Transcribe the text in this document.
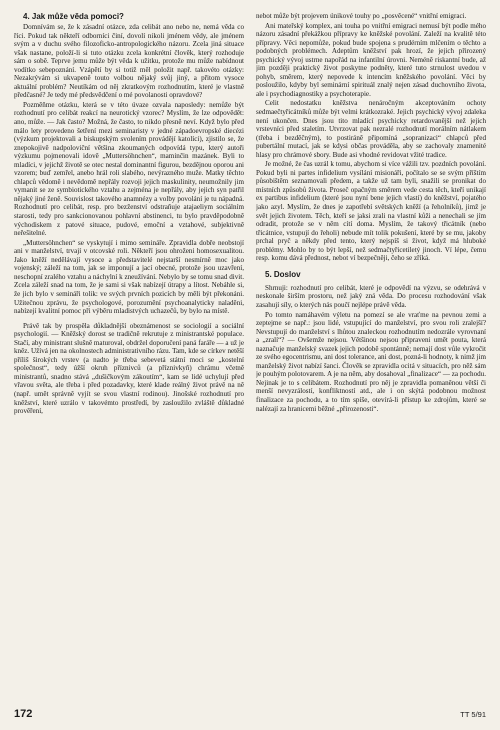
4. Jak může věda pomoci?

Domnívám se, že k zásadní otázce, zda celibát ano nebo ne, nemá věda co říci. Pokud tak někteří odborníci činí, dovolí nikoli jménem vědy, ale jménem svým a v duchu svého filozoficko-antropologického názoru. Zcela jiná situace však nastane, položí-li si tuto otázku zcela konkrétní člověk, který rozhoduje sám o sobě. Teprve jemu může být věda k užitku, protože mu může nabídnout vodítko sebepoznání. Vzápětí by si totiž měl položit např. takovéto otázky: Nezakrývám si ukvapeně touto volbou nějaký svůj jiný, a přitom vysoce aktuální problém? Neutíkám od něj zkratkovým rozhodnutím, které je vlastně předčasné? Je tedy mé předsvědčení o mé povolanosti opravdové?

Pozměňme otázku, která se v této úvaze ozvala naposledy: nemůže být rozhodnutí pro celibát reakcí na neurotický vzorec? Myslím, že lze odpovědět: ano, může. — Jak často? Možná, že často, to nikdo přesně neví. Když bylo před málo lety provedeno šetření mezi seminaristy v jedné západoevropské diecézi (výzkum projektovali a biskupským svolením provádějí katolíci), zjistilo se, že znepokojivě nadpoloviční většina zkoumaných odpovídá typu, který autoři výzkumu pojmenovali idově „Muttersöhnchen“, maminčin mazánek. Byli to mladíci, v jejichž životě se otec nestal dominantní figurou, bezdějnou oporou ani vzorem; buď zemřel, anebo hrál roli slabého, nevýrazného muže. Matky těchto chlapců vědomě i nevědomě nepřály rozvoji jejich maskulinity, neumožnily jim vymanit se ze symbiotického vztahu a zejména je nepřály, aby jejich syn patřil nějaký jiné ženě. Souvislost takového anamnézy a volby povolání je tu nápadná. Rozhodnutí pro celibát, resp. pro bezženství odstraňuje atajaeliym sociálním starosti, tedy pro sankcionovanou pohlavní abstinenci, tu bylo pravděpodobně východiskem z patové situace, pudové, emoční a vztahové, subjektivně neřešitelné.

„Muttersöhnchen“ se vyskytují i mimo semináře. Zpravidla dobře neobstojí ani v manželství, trvají v otcovské roli. Někteří jsou ohroženi homosexualitou. Jako kněží nedělávají vysoce a představitelé nejstarší nesmírně moc jako vojenský; záleží na tom, jak se imponují a jací obecné, protože jsou uzavření, neschopní zralého vztahu a náchylní k zneužívání. Nebylo by se tomu snad divit. Zcela záleží snad na tom, že je sami si však nabízejí útrapy a lítost. Nebáhle si, že jich bylo v semináři tolik: ve svých prvních pozicích by měli být překonáni. Užitečnou zprávu, že psychologové, porozumění psychoanalyticky naladěni, nabízejí kvalitní pomoc při výběru mladistvých uchazečů, by bylo na místě.

Právě tak by prospěla důkladnější obeznámenost se sociologií a sociální psychologií. — Kněžský dorost se tradičně rekrutuje z ministrantské populace. Stačí, aby ministrant slušně maturoval, obdržel doporučení paná faráře — a už je kněz. Užívá jen na okolnostech administrativního rázu. Tam, kde se církev netěší příliš širokých vrstev (a nadto je třeba sebevetá státní moci se „kostelní společnost“, tedy úžší okruh příznivců (a příznivkyň) chrámu včetně ministrantů, snadno stává „dušičkovým zákoutím“, kam se lidé uchylují před vřavou světa, ale třeba i před pozadavky, které klade reálný život právě na ně (např. umět správně vyjít se svou vlastní rodinou). Jinošské rozhodnutí pro kněžství, které uzrálo v takovémto prostředí, by zasloužilo zvláště důkladné prověření,

nebot může být projevem únikové touhy po „posvěcené“ vnitřní emigraci.

Ani mateřský komplex, ani touha po vnitřní emigraci nemusí být podle mého názoru zásadní překážkou přípravy ke kněžské povolání. Zaleží na kvalitě této přípravy. Věci nepomůže, pokud bude spojena s prudérním mlčením o těchto a podobných problémech. Adeptům kněžství pak hrozí, že jejich přirozený psychický vývoj ustrne napořád na infantilní úrovni. Neméně riskantní bude, až jim později praktický život poskytne podněty, které tuto strnulost uvedou v pohyb, směrem, který nepovede k intencím kněžského povolání. Věci by posloužilo, kdyby byl seminární spirituál znalý nejen zásad duchovního života, ale i psychodiagnostiky a psychoterapie.

Celit nedostatku kněžstva nenáročným akceptováním ochoty sedmaečtyřicátníků může být velmi krátkozraké. Jejich psychický vývoj zdaleka není ukončen. Dnes jsou tito mladící psychicky retardovanější než jejich vrstevníci před staletím. Utvrzovat pak nezralé rozhodnutí morálním nátlakem (třeba i bezděčným), to postiráně připomíná „sopranizaci“ chlapců před pubertální mutací, jak se kdysi občas prováděla, aby se zachovaly znamenité hlasy pro chrámové sbory. Bude asi vhodné revidovat vžité tradice.

Je možné, že čas uzrál k tomu, abychom si více vážili tzv. pozdních povolání. Pokud byli ni partes infidelium vysílání misionáři, počítalo se se svým příštím působištěm seznamovali předem, a takže už tam byli, snažili se pronikat do místních způsobů života. Proseč opačným směrem vede cesta těch, kteří unikají ex partibus infidelium (které jsou nyní bene jejich vlastí) do kněžství, pojatého jako azyl. Myslím, že dnes je zapotřebí světských kněží (a řeholníků), jimž je svět jejich životem. Těch, kteří se jaksi zrali na vlastní kůži a nenechali se jím odradit, protože se v něm cítí doma. Myslím, že takový třicátník (nebo třicátnice, vstupují do řeholi) nebude mít tolik pokušení, které by se mu, jakoby prchal pryč a někdy před tento, který nejspíš si život, když má hluboké problémy. Mohlo by to být lepší, než sedmačtyřicetiletý jinoch. Ví lépe, čemu resp. komu dává přednost, nebot ví bezpečněji, čeho se zříká.

5. Doslov

Shrnuji: rozhodnutí pro celibát, které je odpovědí na výzvu, se odehrává v neskonale širším prostoru, než jaký zná věda. Do procesu rozhodování však zasahují síly, o kterých nás poučí nejlépe právě věda.

Po tomto namáhavém výletu na pomezí se ale vraťme na pevnou zemi a zeptejme se např.: jsou lidé, vstupující do manželství, pro svou roli zralejší? Nevstupují do manželství s lhůtou znaleckou rozhodnutím nedozrále vyrovnaní a „zralí“? — Ovšemže nejsou. Většinou nejsou připraveni umět pouta, která naznačuje manželský svazek jejich podobě spontánně; nemají dost vůle vykročit ze svého egocentrismu, ani dost tolerance, ani dost, pozná-li hodnoty, k nimž jim manželský život nabízí šanci. Člověk se zpravidla ocitá v situacích, pro něž sám je pouhým polotovarem. A je na něm, aby dosahoval „finalizace“ — za pochodu. Nejinak je to s celibátem. Rozhodnutí pro něj je zpravidla pomaněnou větší či menší nevyzrálostí, konfliktností atd., ale i on skýtá podobnou možnost finalizace za pochodu, a to tím spíše, otevírá-li přístup ke zdrojům, které se nalézají za hranicemi běžné „přirozenosti“.

172	TT 5/91
